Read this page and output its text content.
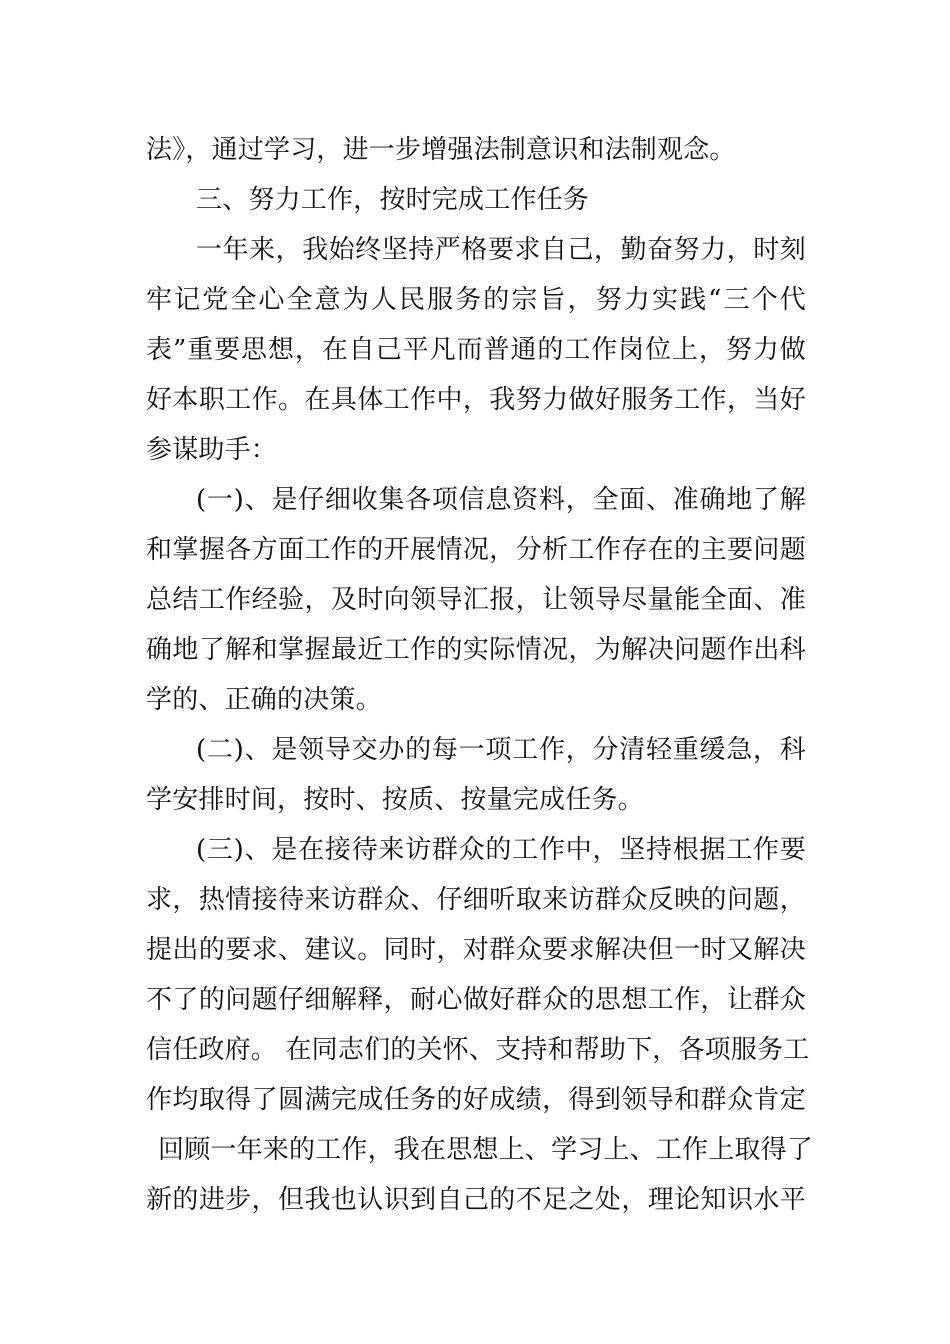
法》，通过学习，进一步增强法制意识和法制观念。
三、努力工作，按时完成工作任务
一年来，我始终坚持严格要求自己，勤奋努力，时刻
牢记党全心全意为人民服务的宗旨，努力实践“三个代
表”重要思想，在自己平凡而普通的工作岗位上，努力做
好本职工作。在具体工作中，我努力做好服务工作，当好
参谋助手：
(一)、是仔细收集各项信息资料，全面、准确地了解
和掌握各方面工作的开展情况，分析工作存在的主要问题
总结工作经验，及时向领导汇报，让领导尽量能全面、准
确地了解和掌握最近工作的实际情况，为解决问题作出科
学的、正确的决策。
(二)、是领导交办的每一项工作，分清轻重缓急，科
学安排时间，按时、按质、按量完成任务。
(三)、是在接待来访群众的工作中，坚持根据工作要
求，热情接待来访群众、仔细听取来访群众反映的问题，
提出的要求、建议。同时，对群众要求解决但一时又解决
不了的问题仔细解释，耐心做好群众的思想工作，让群众
信任政府。 在同志们的关怀、支持和帮助下，各项服务工
作均取得了圆满完成任务的好成绩，得到领导和群众肯定
回顾一年来的工作，我在思想上、学习上、工作上取得了
新的进步，但我也认识到自己的不足之处，理论知识水平
